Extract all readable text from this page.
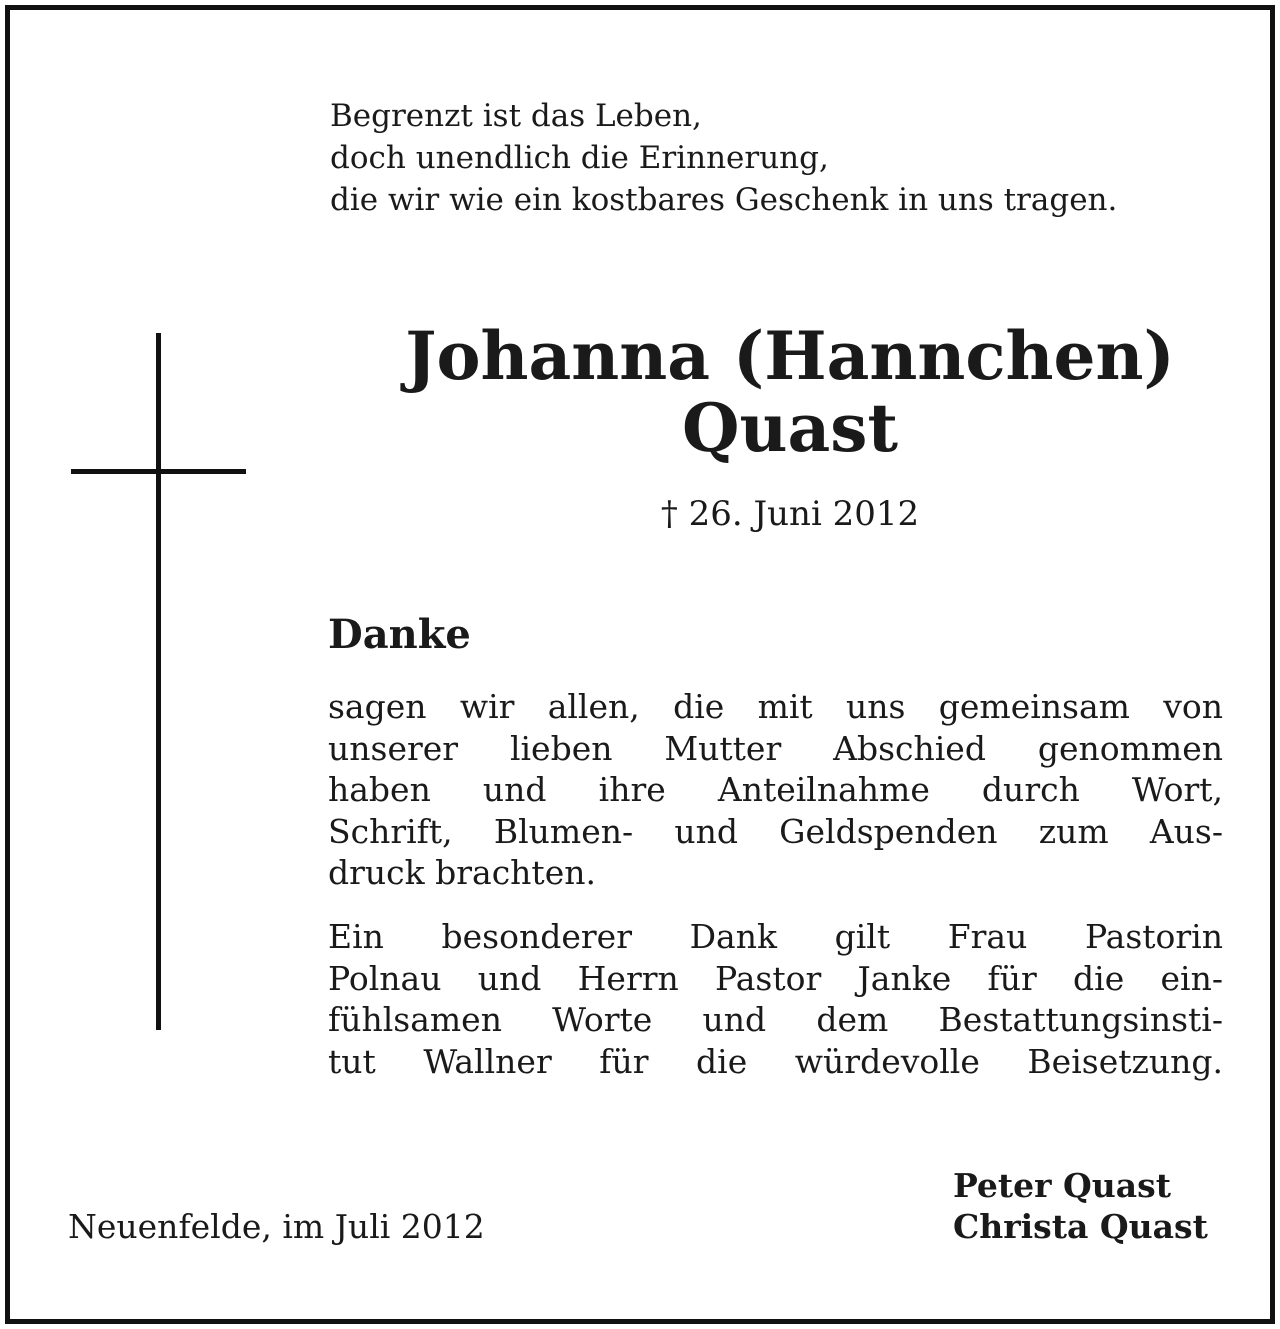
Begrenzt ist das Leben,
doch unendlich die Erinnerung,
die wir wie ein kostbares Geschenk in uns tragen.

Johanna (Hannchen)
Quast

† 26. Juni 2012

Danke

sagen wir allen, die mit uns gemeinsam von
unserer lieben Mutter Abschied genommen
haben und ihre Anteilnahme durch Wort,
Schrift, Blumen- und Geldspenden zum Aus-
druck brachten.

Ein besonderer Dank gilt Frau Pastorin
Polnau und Herrn Pastor Janke für die ein-
fühlsamen Worte und dem Bestattungsinsti-
tut Wallner für die würdevolle Beisetzung.

Neuenfelde, im Juli 2012

Peter Quast
Christa Quast
